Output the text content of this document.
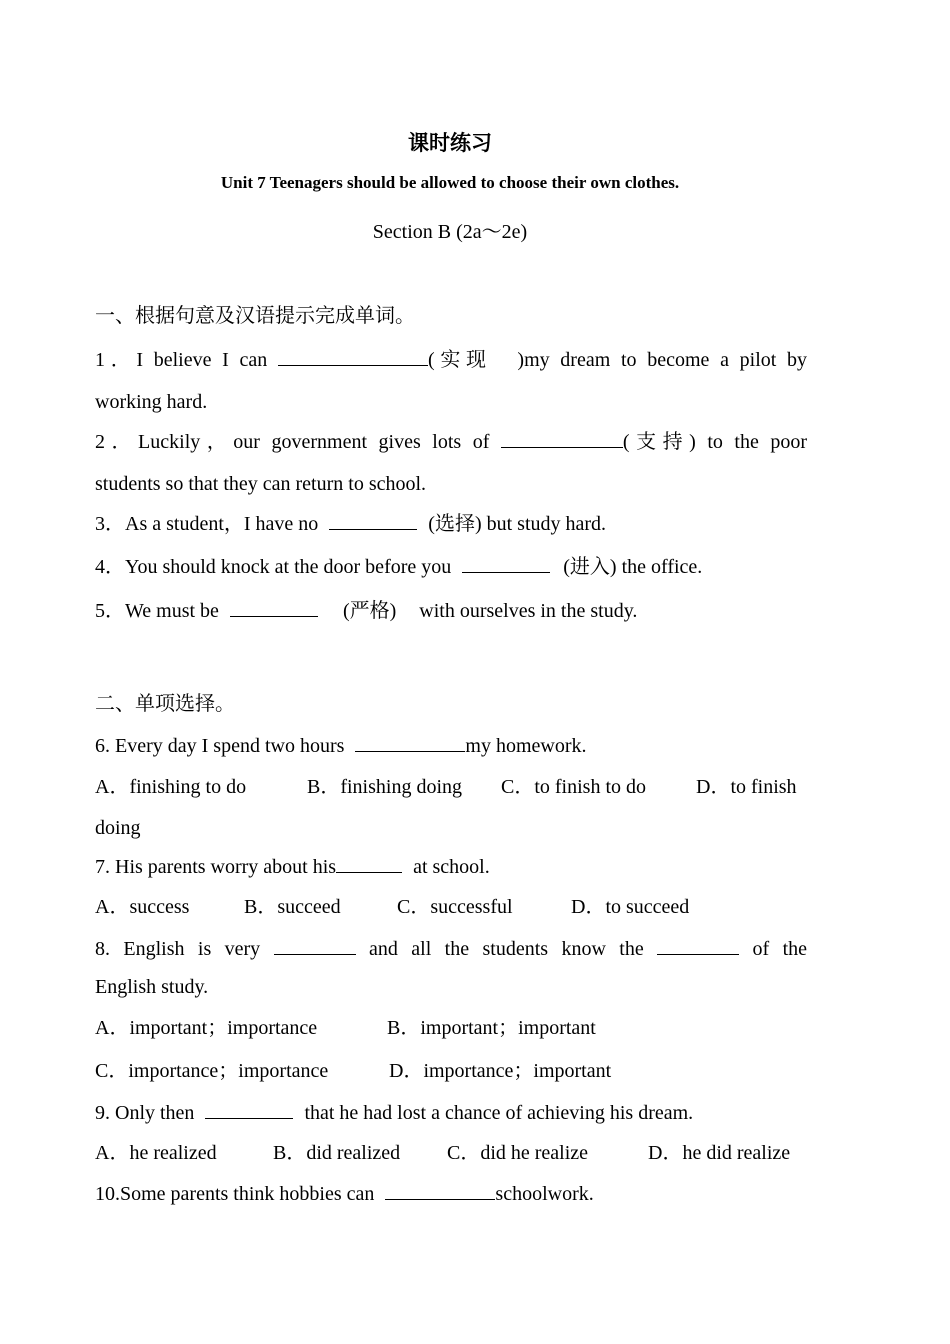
课时练习
Unit 7 Teenagers should be allowed to choose their own clothes.
Section B (2a～2e)
一、根据句意及汉语提示完成单词。
1．I believe I can	(实现　)my dream to become a pilot by
working hard.
2．Luckily，our government gives lots of	(支持) to the poor
students so that they can return to school.
3．As a student，I have no	(选择) but study hard.
4．You should knock at the door before you	(进入) the office.
5．We must be	(严格) with ourselves in the study.
二、单项选择。
6. Every day I spend two hours	my homework.
A．finishing to do	B．finishing doing C．to finish to do D．to finish
doing
7. His parents worry about his	at school.
A．success	B．succeed	C．successful	D．to succeed
8. English is very	and all the students know the	of the
English study.
A．important；importance	B．important；important
C．importance；importance	D．importance；important
9. Only then	that he had lost a chance of achieving his dream.
A．he realized	B．did realized C．did he realize	D．he did realize
10.Some parents think hobbies can	schoolwork.
